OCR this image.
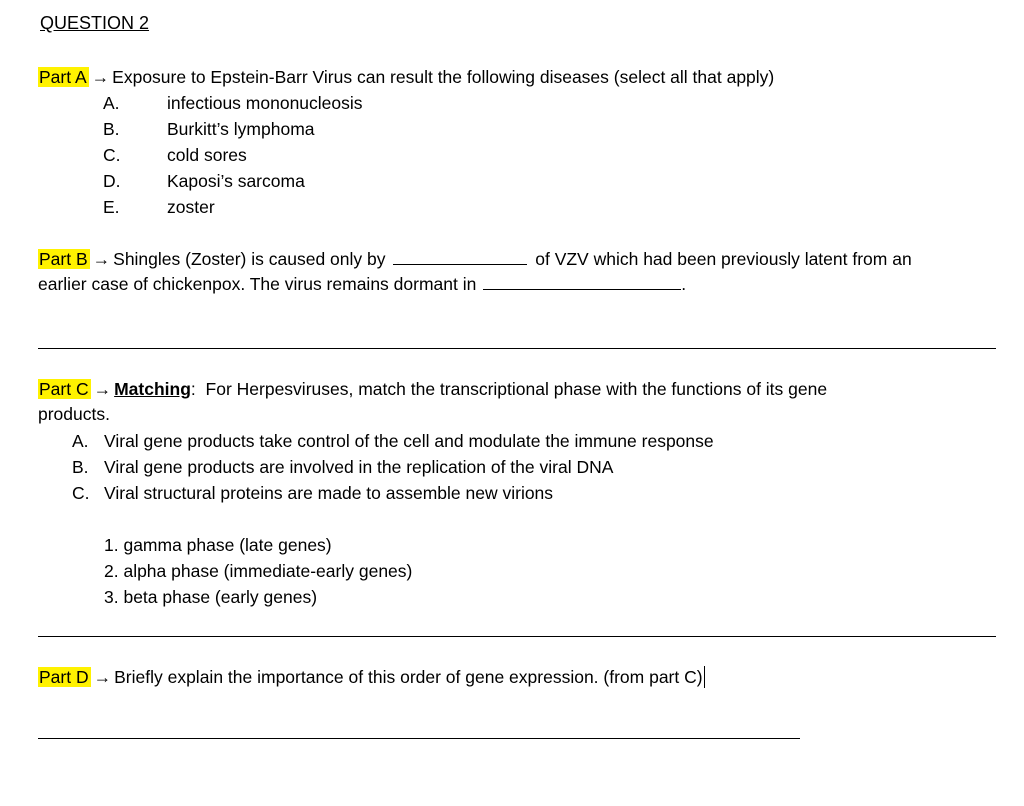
QUESTION 2
Part A → Exposure to Epstein-Barr Virus can result the following diseases (select all that apply)
A.	infectious mononucleosis
B.	Burkitt’s lymphoma
C.	cold sores
D.	Kaposi’s sarcoma
E.	zoster
Part B → Shingles (Zoster) is caused only by	of VZV which had been previously latent from an
earlier case of chickenpox. The virus remains dormant in	.
Part C → Matching: For Herpesviruses, match the transcriptional phase with the functions of its gene
products.
A. Viral gene products take control of the cell and modulate the immune response
B. Viral gene products are involved in the replication of the viral DNA
C. Viral structural proteins are made to assemble new virions
1. gamma phase (late genes)
2. alpha phase (immediate-early genes)
3. beta phase (early genes)
Part D → Briefly explain the importance of this order of gene expression. (from part C)
